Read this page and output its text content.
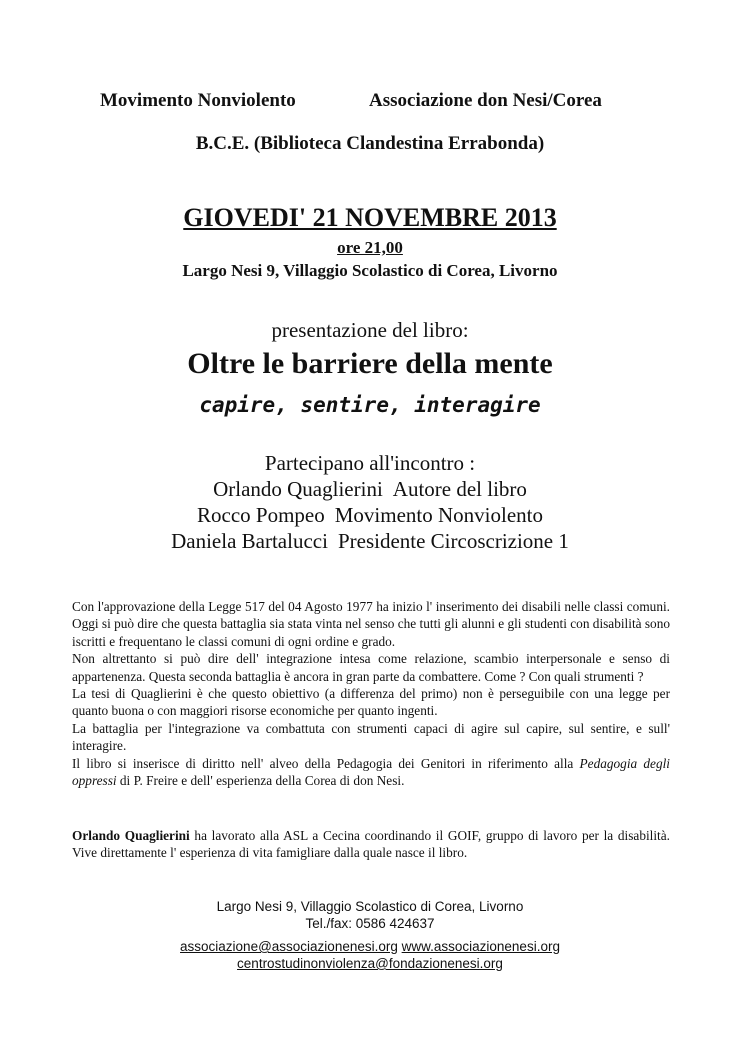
Movimento Nonviolento	Associazione don Nesi/Corea
B.C.E. (Biblioteca Clandestina Errabonda)
GIOVEDI' 21 NOVEMBRE 2013
ore 21,00
Largo Nesi 9, Villaggio Scolastico di Corea, Livorno
presentazione del libro:
Oltre le barriere della mente
capire, sentire, interagire
Partecipano all'incontro :
Orlando Quaglierini Autore del libro
Rocco Pompeo Movimento Nonviolento
Daniela Bartalucci Presidente Circoscrizione 1

Con l'approvazione della Legge 517 del 04 Agosto 1977 ha inizio l' inserimento dei disabili nelle classi comuni. Oggi si può dire che questa battaglia sia stata vinta nel senso che tutti gli alunni e gli studenti con disabilità sono iscritti e frequentano le classi comuni di ogni ordine e grado.

Non altrettanto si può dire dell' integrazione intesa come relazione, scambio interpersonale e senso di appartenenza. Questa seconda battaglia è ancora in gran parte da combattere. Come ? Con quali strumenti ?

La tesi di Quaglierini è che questo obiettivo (a differenza del primo) non è perseguibile con una legge per quanto buona o con maggiori risorse economiche per quanto ingenti.

La battaglia per l'integrazione va combattuta con strumenti capaci di agire sul capire, sul sentire, e sull' interagire.

Il libro si inserisce di diritto nell' alveo della Pedagogia dei Genitori in riferimento alla Pedagogia degli oppressi di P. Freire e dell' esperienza della Corea di don Nesi.

Orlando Quaglierini ha lavorato alla ASL a Cecina coordinando il GOIF, gruppo di lavoro per la disabilità. Vive direttamente l' esperienza di vita famigliare dalla quale nasce il libro.

Largo Nesi 9, Villaggio Scolastico di Corea, Livorno
Tel./fax: 0586 424637
associazione@associazionenesi.org www.associazionenesi.org
centrostudinonviolenza@fondazionenesi.org
